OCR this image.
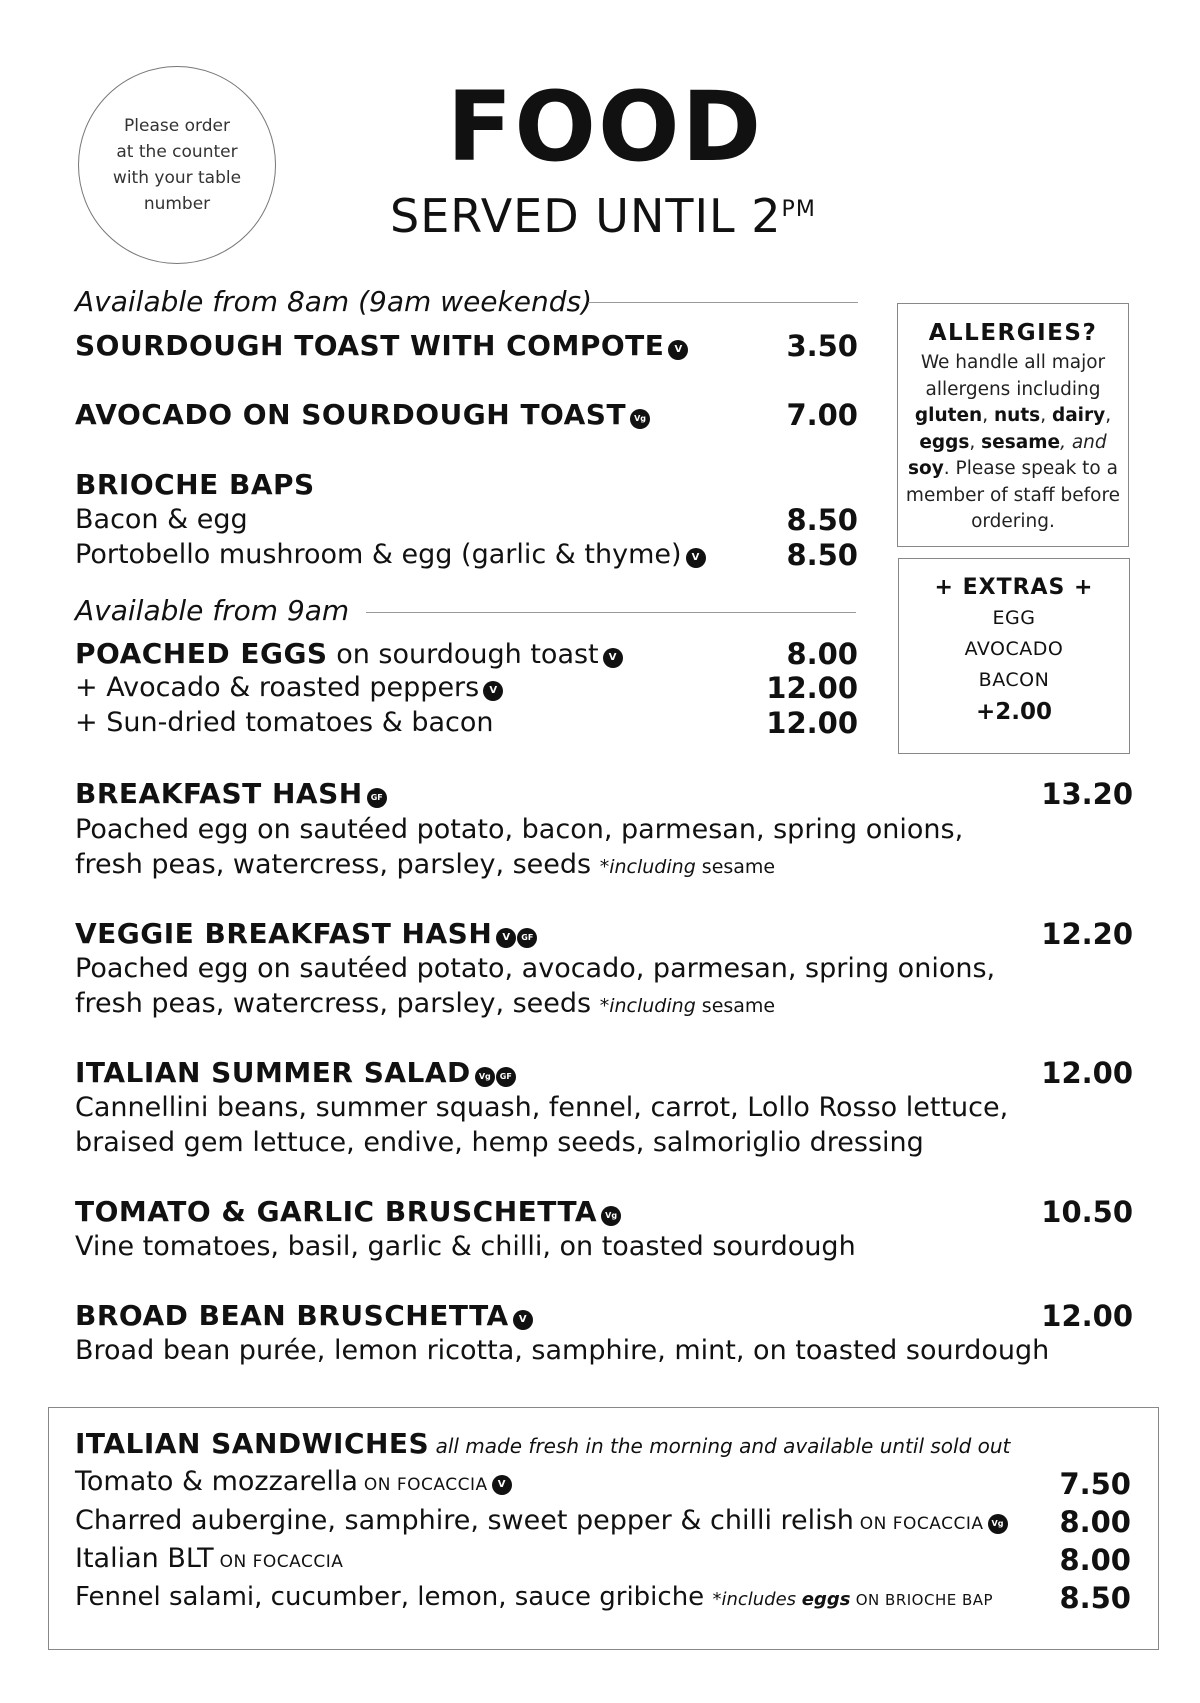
Please order
at the counter
with your table
number
FOOD
SERVED UNTIL $2^{PM}$
Available from 8am (9am weekends)
SOURDOUGH TOAST WITH COMPOTE V	3.50
AVOCADO ON SOURDOUGH TOAST Vg	7.00
BRIOCHE BAPS
Bacon & egg	8.50
Portobello mushroom & egg (garlic & thyme) V	8.50
Available from 9am
POACHED EGGS on sourdough toast V	8.00
+ Avocado & roasted peppers V	12.00
+ Sun-dried tomatoes & bacon	12.00
ALLERGIES?
We handle all major
allergens including
gluten, nuts, dairy,
eggs, sesame, and
soy. Please speak to a
member of staff before
ordering.
+ EXTRAS +
EGG
AVOCADO
BACON
+2.00
BREAKFAST HASH GF	13.20
Poached egg on sautéed potato, bacon, parmesan, spring onions,
fresh peas, watercress, parsley, seeds *including sesame
VEGGIE BREAKFAST HASH V GF	12.20
Poached egg on sautéed potato, avocado, parmesan, spring onions,
fresh peas, watercress, parsley, seeds *including sesame
ITALIAN SUMMER SALAD Vg GF	12.00
Cannellini beans, summer squash, fennel, carrot, Lollo Rosso lettuce,
braised gem lettuce, endive, hemp seeds, salmoriglio dressing
TOMATO & GARLIC BRUSCHETTA Vg	10.50
Vine tomatoes, basil, garlic & chilli, on toasted sourdough
BROAD BEAN BRUSCHETTA V	12.00
Broad bean purée, lemon ricotta, samphire, mint, on toasted sourdough
ITALIAN SANDWICHES all made fresh in the morning and available until sold out
Tomato & mozzarella ON FOCACCIA V	7.50
Charred aubergine, samphire, sweet pepper & chilli relish ON FOCACCIA Vg	8.00
Italian BLT ON FOCACCIA	8.00
Fennel salami, cucumber, lemon, sauce gribiche *includes eggs ON BRIOCHE BAP	8.50
